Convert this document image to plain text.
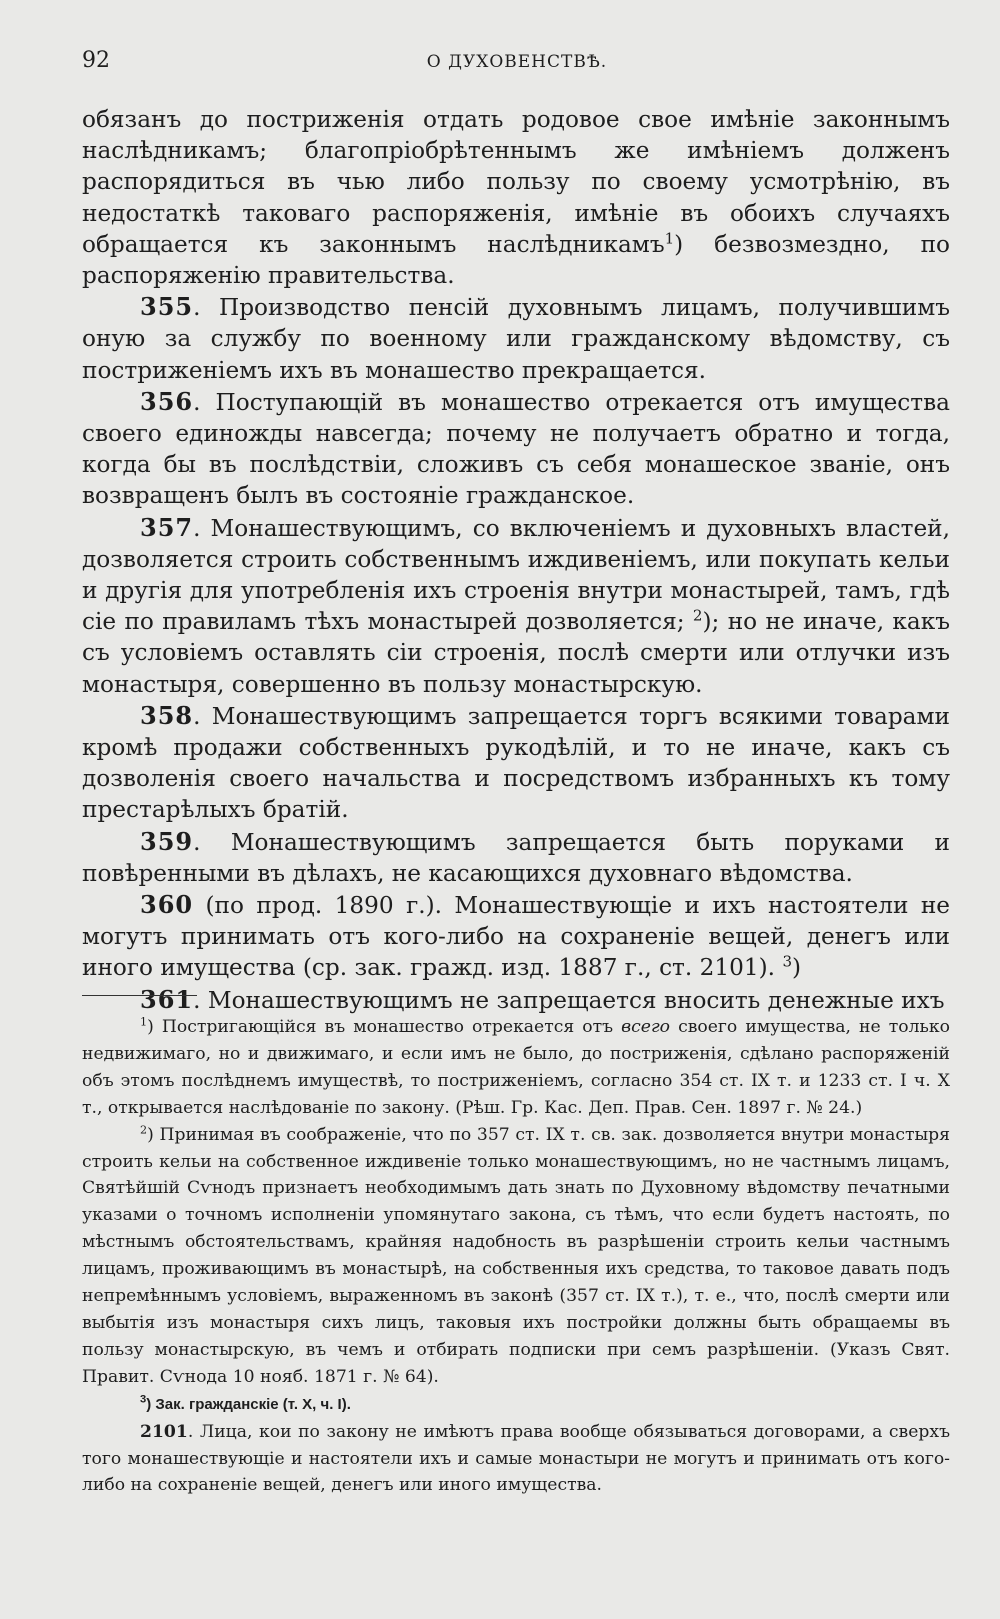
92	О ДУХОВЕНСТВѢ.

обязанъ до постриженія отдать родовое свое имѣніе законнымъ наслѣдникамъ; благопріобрѣтеннымъ же имѣніемъ долженъ распорядиться въ чью либо пользу по своему усмотрѣнію, въ недостаткѣ таковаго распоряженія, имѣніе въ обоихъ случаяхъ обращается къ законнымъ наслѣдникамъ$^1$) безвозмездно, по распоряженію правительства.

355. Производство пенсій духовнымъ лицамъ, получившимъ оную за службу по военному или гражданскому вѣдомству, съ постриженіемъ ихъ въ монашество прекращается.

356. Поступающій въ монашество отрекается отъ имущества своего единожды навсегда; почему не получаетъ обратно и тогда, когда бы въ послѣдствіи, сложивъ съ себя монашеское званіе, онъ возвращенъ былъ въ состояніе гражданское.

357. Монашествующимъ, со включеніемъ и духовныхъ властей, дозволяется строить собственнымъ иждивеніемъ, или покупать кельи и другія для употребленія ихъ строенія внутри монастырей, тамъ, гдѣ сіе по правиламъ тѣхъ монастырей дозволяется; $^2$); но не иначе, какъ съ условіемъ оставлять сіи строенія, послѣ смерти или отлучки изъ монастыря, совершенно въ пользу монастырскую.

358. Монашествующимъ запрещается торгъ всякими товарами кромѣ продажи собственныхъ рукодѣлій, и то не иначе, какъ съ дозволенія своего начальства и посредствомъ избранныхъ къ тому престарѣлыхъ братій.

359. Монашествующимъ запрещается быть поруками и повѣренными въ дѣлахъ, не касающихся духовнаго вѣдомства.

360 (по прод. 1890 г.). Монашествующіе и ихъ настоятели не могутъ принимать отъ кого-либо на сохраненіе вещей, денегъ или иного имущества (ср. зак. гражд. изд. 1887 г., ст. 2101). $^3$)

361. Монашествующимъ не запрещается вносить денежные ихъ

$^1$) Постригающійся въ монашество отрекается отъ всего своего имущества, не только недвижимаго, но и движимаго, и если имъ не было, до постриженія, сдѣлано распоряженій объ этомъ послѣднемъ имуществѣ, то постриженіемъ, согласно 354 ст. IX т. и 1233 ст. I ч. X т., открывается наслѣдованіе по закону. (Рѣш. Гр. Кас. Деп. Прав. Сен. 1897 г. № 24.)

$^2$) Принимая въ соображеніе, что по 357 ст. IX т. св. зак. дозволяется внутри монастыря строить кельи на собственное иждивеніе только монашествующимъ, но не частнымъ лицамъ, Святѣйшій Сѵнодъ признаетъ необходимымъ дать знать по Духовному вѣдомству печатными указами о точномъ исполненіи упомянутаго закона, съ тѣмъ, что если будетъ настоять, по мѣстнымъ обстоятельствамъ, крайняя надобность въ разрѣшеніи строить кельи частнымъ лицамъ, проживающимъ въ монастырѣ, на собственныя ихъ средства, то таковое давать подъ непремѣннымъ условіемъ, выраженномъ въ законѣ (357 ст. IX т.), т. е., что, послѣ смерти или выбытія изъ монастыря сихъ лицъ, таковыя ихъ постройки должны быть обращаемы въ пользу монастырскую, въ чемъ и отбирать подписки при семъ разрѣшеніи. (Указъ Свят. Правит. Сѵнода 10 нояб. 1871 г. № 64).

$^3$) Зак. гражданскіе (т. X, ч. I).

2101. Лица, кои по закону не имѣютъ права вообще обязываться договорами, а сверхъ того монашествующіе и настоятели ихъ и самые монастыри не могутъ и принимать отъ кого-либо на сохраненіе вещей, денегъ или иного имущества.
